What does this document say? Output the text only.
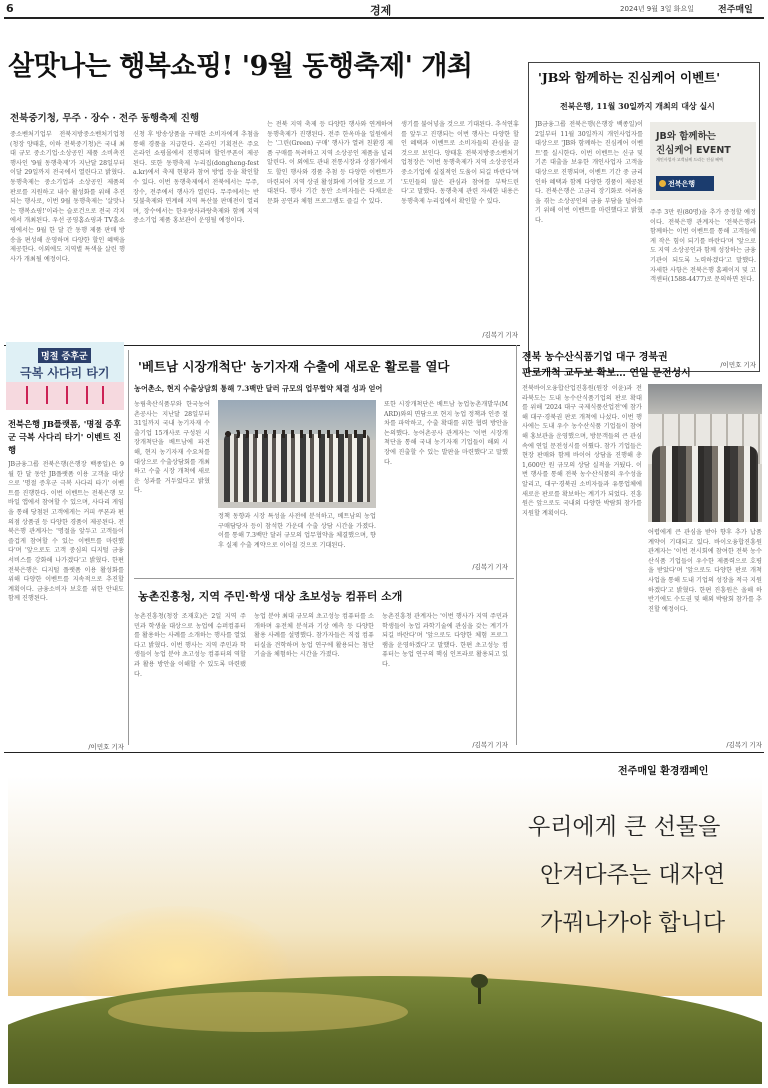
6	경제	2024년 9월 3일 화요일	전주매일
살맛나는 행복쇼핑! '9월 동행축제' 개최
전북중기청, 무주 · 장수 · 전주 동행축제 진행
중소벤처기업부 전북지방중소벤처기업청(청장 양태훈, 이하 전북중기청)은 국내 최대 규모 중소기업·소상공인 제품 소비촉진 행사인 '9월 동행축제'가 지난달 28일부터 이달 29일까지 전국에서 열린다고 밝혔다. 동행축제는 중소기업과 소상공인 제품의 판로를 지원하고 내수 활성화를 위해 추진되는 행사로, 이번 9월 동행축제는 '살맛나는 행복쇼핑!'이라는 슬로건으로 전국 각지에서 개최된다. 우선 공영홈쇼핑과 TV홈쇼핑에서는 9월 한 달 간 동행 제품 판매 방송을 편성해 운영하며 다양한 할인 혜택을 제공한다. 이외에도 지역별 특색을 살린 행사가 개최될 예정이다.
신청 후 방송상품을 구매한 소비자에게 추첨을 통해 경품을 지급한다. 온라인 기획전은 주요 온라인 쇼핑몰에서 진행되며 할인쿠폰이 제공된다. 또한 동행축제 누리집(dongheng-festa.kr)에서 축제 현황과 참여 방법 등을 확인할 수 있다. 이번 동행축제에서 전북에서는 무주, 장수, 전주에서 행사가 열린다. 무주에서는 반딧불축제와 연계해 지역 특산물 판매전이 열리며, 장수에서는 한우랑사과랑축제와 함께 지역 중소기업 제품 홍보관이 운영될 예정이다.
는 전북 지역 축제 등 다양한 행사와 연계하여 동행축제가 진행된다. 전주 한옥마을 일원에서는 '그린(Green) 구매' 행사가 열려 친환경 제품 구매를 독려하고 지역 소상공인 제품을 널리 알린다. 이 외에도 관내 전통시장과 상점가에서도 할인 행사와 경품 추첨 등 다양한 이벤트가 마련되어 지역 상권 활성화에 기여할 것으로 기대된다. 행사 기간 동안 소비자들은 다채로운 문화 공연과 체험 프로그램도 즐길 수 있다.
생기를 불어넣을 것으로 기대된다. 추석연휴를 앞두고 진행되는 이번 행사는 다양한 할인 혜택과 이벤트로 소비자들의 관심을 끌 것으로 보인다. 양태훈 전북지방중소벤처기업청장은 '이번 동행축제가 지역 소상공인과 중소기업에 실질적인 도움이 되길 바란다'며 '도민들의 많은 관심과 참여를 부탁드린다'고 말했다. 동행축제 관련 자세한 내용은 동행축제 누리집에서 확인할 수 있다.
/김복기 기자
'JB와 함께하는 진심케어 이벤트'
전북은행, 11월 30일까지 개최의 대상 실시
JB금융그룹 전북은행(은행장 백종일)이 2일부터 11월 30일까지 개인사업자를 대상으로 'JB와 함께하는 진심케어 이벤트'를 실시한다. 이번 이벤트는 신규 및 기존 대출을 보유한 개인사업자 고객을 대상으로 진행되며, 이벤트 기간 중 금리 인하 혜택과 함께 다양한 경품이 제공된다. 전북은행은 고금리 장기화로 어려움을 겪는 소상공인의 금융 부담을 덜어주기 위해 이번 이벤트를 마련했다고 밝혔다.
JB와 함께하는
진심케어 EVENT
개인사업자 고객님께 드리는 진심 혜택
전북은행
주주 3만 원(80명)을 추가 증정할 예정이다. 전북은행 관계자는 '전북은행과 함께하는 이번 이벤트를 통해 고객들에게 작은 힘이 되기를 바란다'며 '앞으로도 지역 소상공인과 함께 성장하는 금융기관이 되도록 노력하겠다'고 말했다. 자세한 사항은 전북은행 홈페이지 및 고객센터(1588-4477)로 문의하면 된다.
/이민호 기자
명절 증후군
극복 사다리 타기
전북은행 JB플랫폼, '명절 증후군 극복 사다리 타기' 이벤트 진행
JB금융그룹 전북은행(은행장 백종일)은 9월 한 달 동안 JB플랫폼 이용 고객을 대상으로 '명절 증후군 극복 사다리 타기' 이벤트를 진행한다. 이번 이벤트는 전북은행 모바일 앱에서 참여할 수 있으며, 사다리 게임을 통해 당첨된 고객에게는 커피 쿠폰과 편의점 상품권 등 다양한 경품이 제공된다. 전북은행 관계자는 '명절을 앞두고 고객들이 즐겁게 참여할 수 있는 이벤트를 마련했다'며 '앞으로도 고객 중심의 디지털 금융 서비스를 강화해 나가겠다'고 밝혔다. 한편 전북은행은 디지털 플랫폼 이용 활성화를 위해 다양한 이벤트를 지속적으로 추진할 계획이다. 금융소비자 보호를 위한 안내도 함께 진행된다.
/이민호 기자
'베트남 시장개척단' 농기자재 수출에 새로운 활로를 열다
농어촌소, 현지 수출상담회 통해 7.3백만 달러 규모의 업무협약 체결 성과 얻어
농림축산식품부와 한국농어촌공사는 지난달 28일부터 31일까지 국내 농기자재 수출기업 15개사로 구성된 시장개척단을 베트남에 파견해, 현지 농기자재 수요처를 대상으로 수출상담회를 개최하고 수출 시장 개척에 새로운 성과를 거두었다고 밝혔다.
정책 동향과 시장 특성을 사전에 분석하고, 베트남의 농업 구매담당자 등이 참석한 가운데 수출 상담 시간을 가졌다. 이를 통해 7.3백만 달러 규모의 업무협약을 체결했으며, 향후 실제 수출 계약으로 이어질 것으로 기대된다.
또한 시장개척단은 베트남 농업농촌개발부(MARD)와의 면담으로 현지 농업 정책과 인증 절차를 파악하고, 수출 확대를 위한 협력 방안을 논의했다. 농어촌공사 관계자는 '이번 시장개척단을 통해 국내 농기자재 기업들이 해외 시장에 진출할 수 있는 발판을 마련했다'고 말했다.
/김복기 기자
농촌진흥청, 지역 주민·학생 대상 초보성능 컴퓨터 소개
농촌진흥청(청장 조재호)은 2일 지역 주민과 학생을 대상으로 농업에 슈퍼컴퓨터를 활용하는 사례를 소개하는 행사를 열었다고 밝혔다. 이번 행사는 지역 주민과 학생들이 농업 분야 초고성능 컴퓨터의 역할과 활용 방안을 이해할 수 있도록 마련됐다.
농업 분야 최대 규모의 초고성능 컴퓨터를 소개하며 유전체 분석과 기상 예측 등 다양한 활용 사례를 설명했다. 참가자들은 직접 컴퓨터실을 견학하며 농업 연구에 활용되는 첨단 기술을 체험하는 시간을 가졌다.
농촌진흥청 관계자는 '이번 행사가 지역 주민과 학생들이 농업 과학기술에 관심을 갖는 계기가 되길 바란다'며 '앞으로도 다양한 체험 프로그램을 운영하겠다'고 말했다. 한편 초고성능 컴퓨터는 농업 연구의 핵심 인프라로 활용되고 있다.
/김복기 기자
전북 농수산식품기업 대구 경북권
판로개척 교두보 확보… 연일 문전성시
전북바이오융합산업진흥원(원장 이윤)과 전라북도는 도내 농수산식품기업의 판로 확대를 위해 '2024 대구 국제식품산업전'에 참가해 대구·경북권 판로 개척에 나섰다. 이번 행사에는 도내 우수 농수산식품 기업들이 참여해 홍보관을 운영했으며, 방문객들의 큰 관심 속에 연일 문전성시를 이뤘다. 참가 기업들은 현장 판매와 함께 바이어 상담을 진행해 총 1,600만 원 규모의 상담 실적을 거뒀다. 이번 행사를 통해 전북 농수산식품의 우수성을 알리고, 대구·경북권 소비자들과 유통업체에 새로운 판로를 확보하는 계기가 되었다. 진흥원은 앞으로도 국내외 다양한 박람회 참가를 지원할 계획이다.
어렵에게 큰 관심을 받아 향후 추가 납품 계약이 기대되고 있다. 바이오융합진흥원 관계자는 '이번 전시회에 참여한 전북 농수산식품 기업들이 우수한 제품력으로 호평을 받았다'며 '앞으로도 다양한 판로 개척 사업을 통해 도내 기업의 성장을 적극 지원하겠다'고 밝혔다. 한편 진흥원은 올해 하반기에도 수도권 및 해외 박람회 참가를 추진할 예정이다.
/김복기 기자
전주매일 환경캠페인
우리에게 큰 선물을
안겨다주는 대자연
가꿔나가야 합니다
